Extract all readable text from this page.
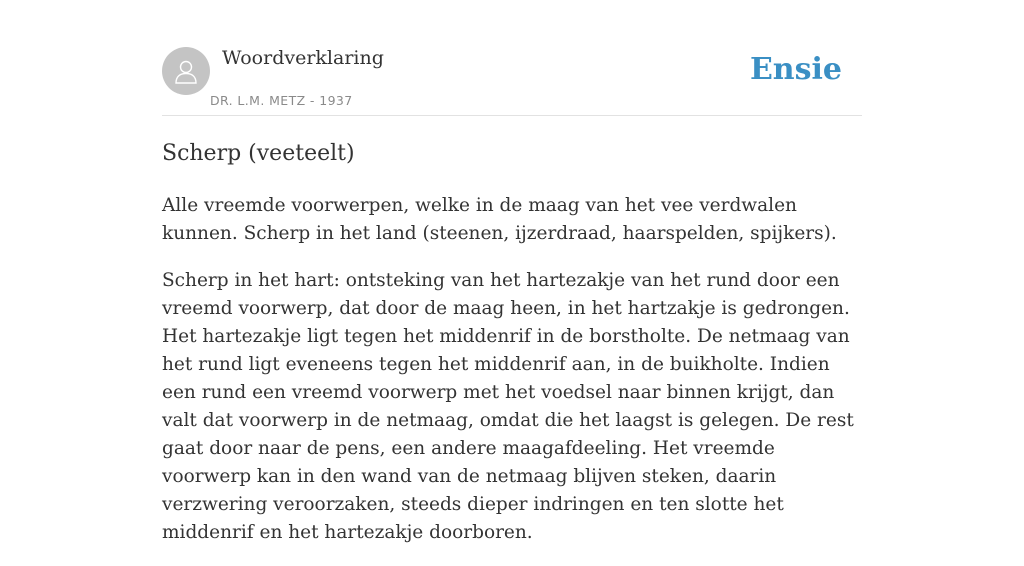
Woordverklaring
DR. L.M. METZ - 1937
Ensie
Scherp (veeteelt)

Alle vreemde voorwerpen, welke in de maag van het vee verdwalen kunnen. Scherp in het land (steenen, ijzerdraad, haarspelden, spijkers).

Scherp in het hart: ontsteking van het hartezakje van het rund door een vreemd voorwerp, dat door de maag heen, in het hartzakje is gedrongen. Het hartezakje ligt tegen het middenrif in de borstholte. De netmaag van het rund ligt eveneens tegen het middenrif aan, in de buikholte. Indien een rund een vreemd voorwerp met het voedsel naar binnen krijgt, dan valt dat voorwerp in de netmaag, omdat die het laagst is gelegen. De rest gaat door naar de pens, een andere maagafdeeling. Het vreemde voorwerp kan in den wand van de netmaag blijven steken, daarin verzwering veroorzaken, steeds dieper indringen en ten slotte het middenrif en het hartezakje doorboren.
